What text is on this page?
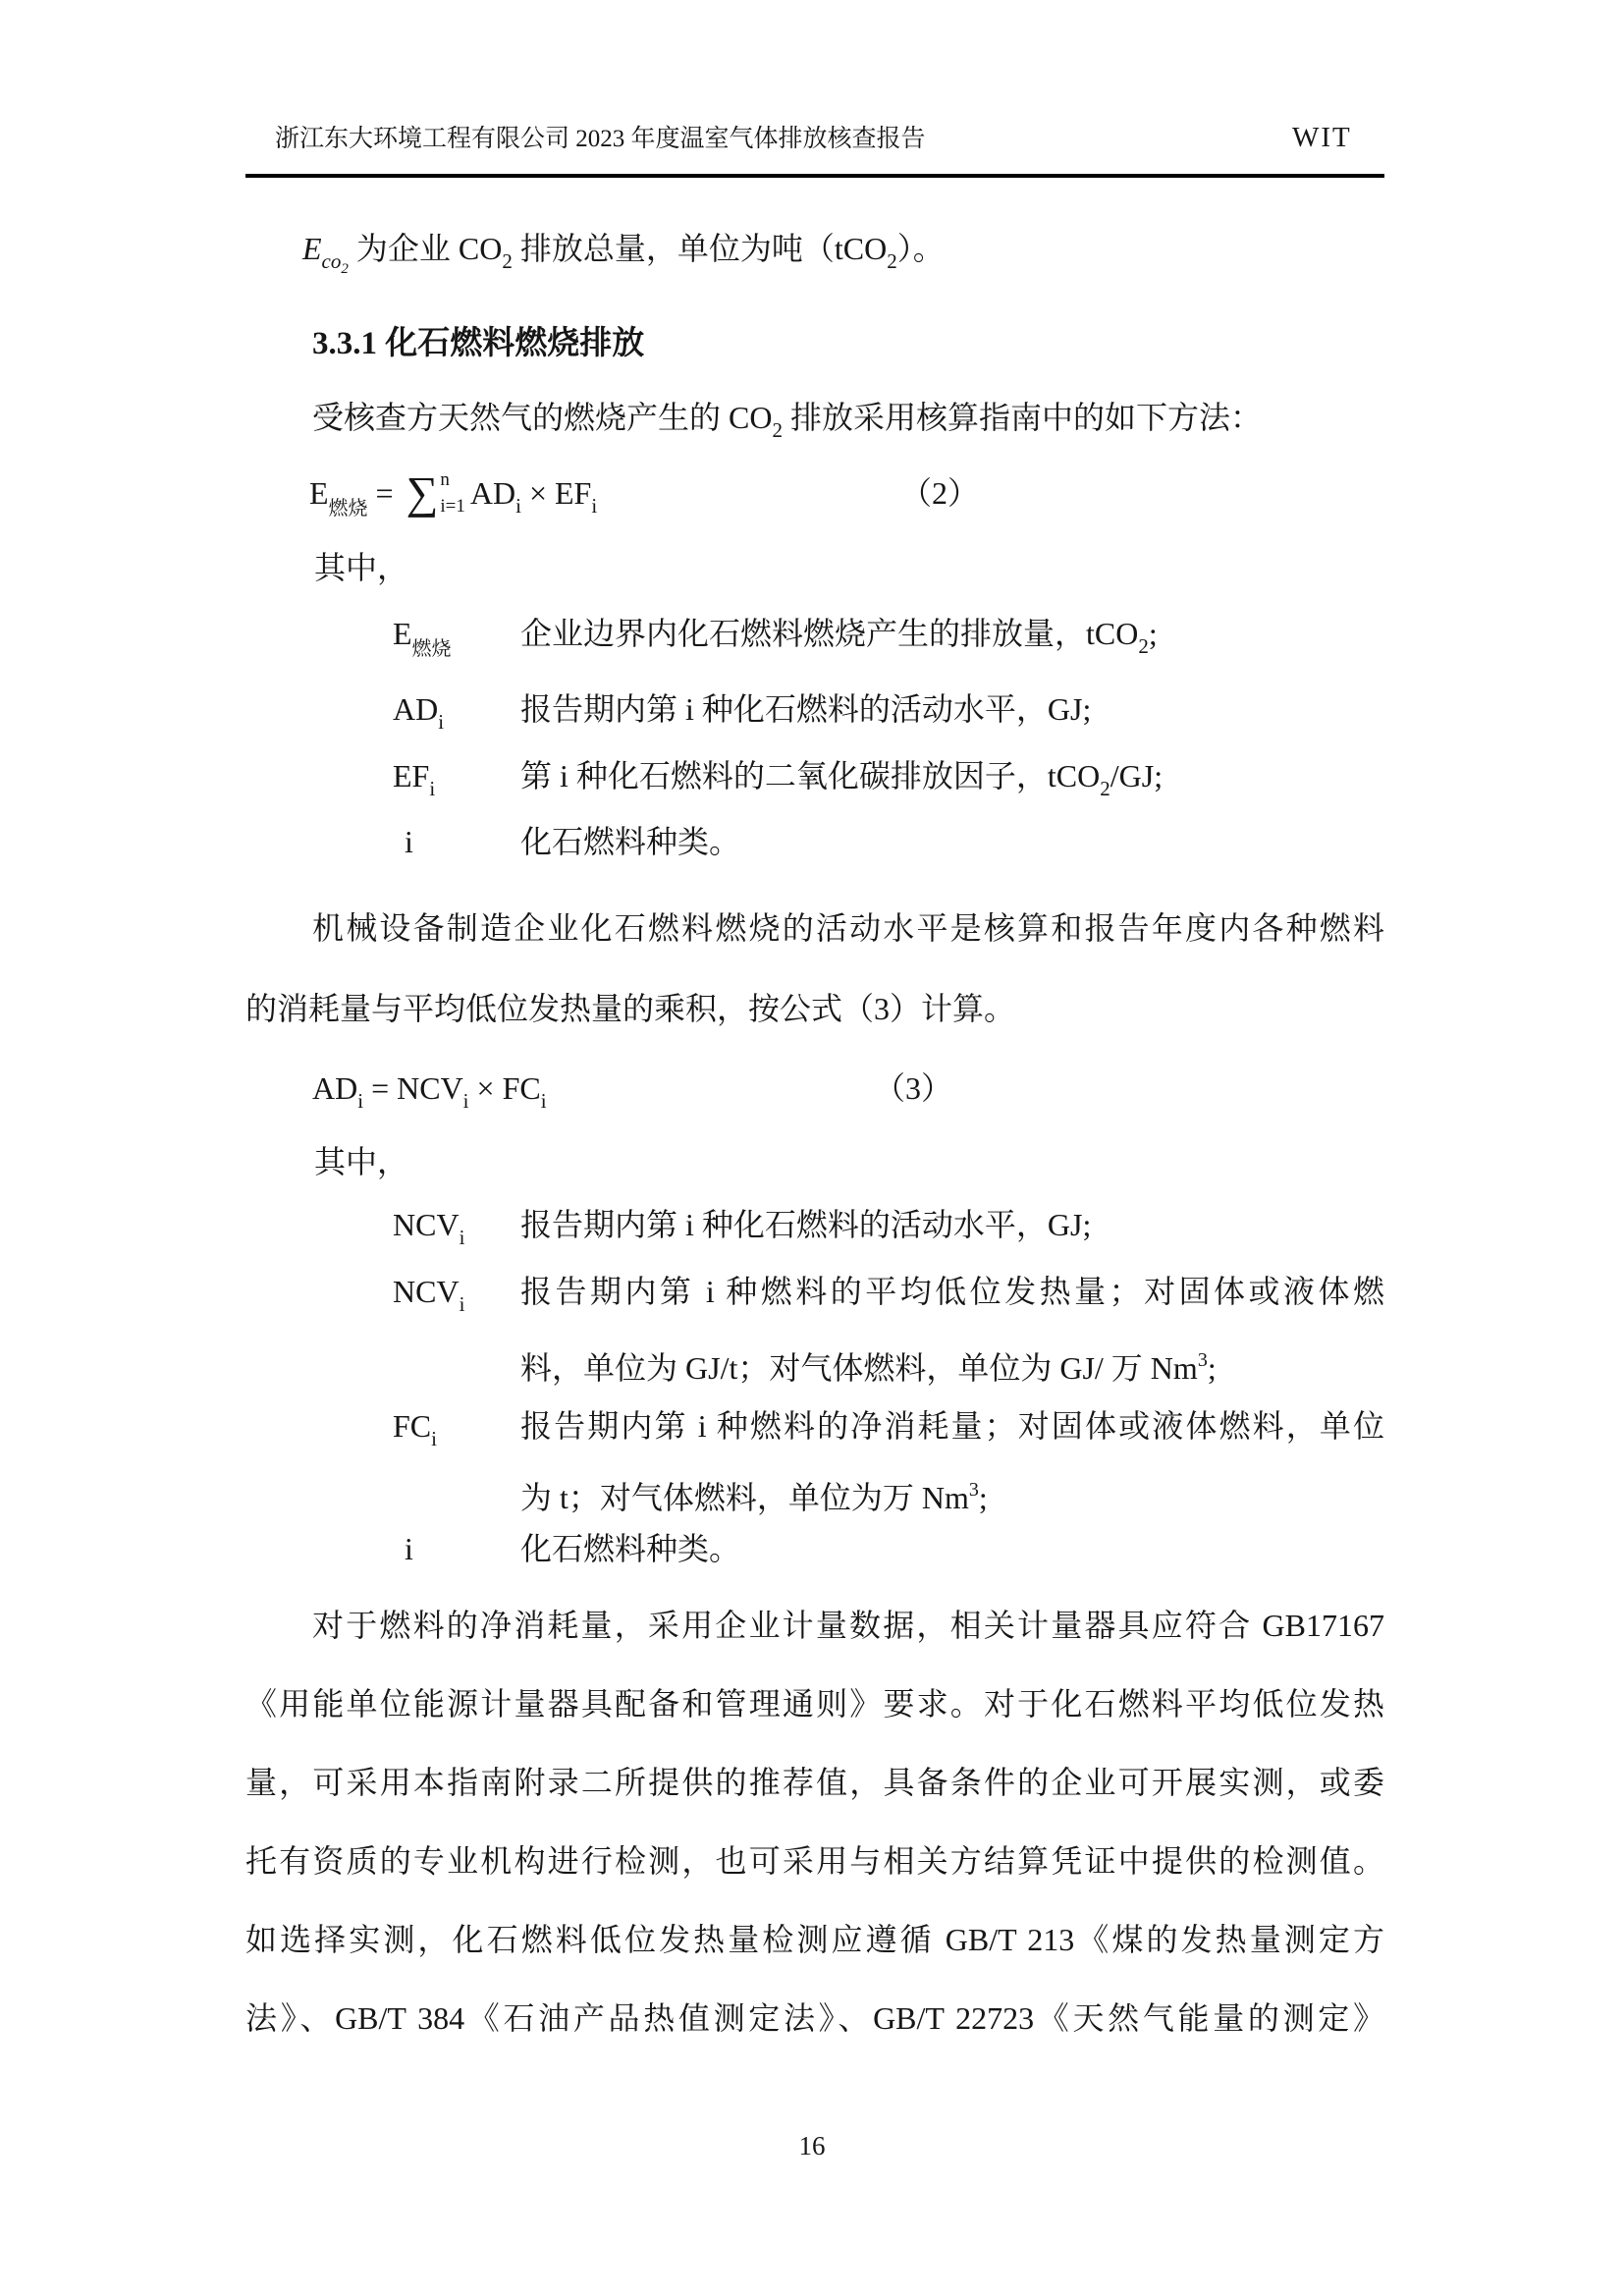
浙江东大环境工程有限公司 2023 年度温室气体排放核查报告	WIT
$E_{co_2}$ 为企业 $CO_2$ 排放总量，单位为吨（tCO$_2$）。
3.3.1 化石燃料燃烧排放
受核查方天然气的燃烧产生的 $CO_2$ 排放采用核算指南中的如下方法：
$E_{燃烧}$ = ∑ n
i=1 $AD_i \times EF_i$	（2）
其中，
$E_{燃烧}$ 企业边界内化石燃料燃烧产生的排放量，tCO$_2$;
$AD_i$ 报告期内第 i 种化石燃料的活动水平，GJ;
$EF_i$	第 i 种化石燃料的二氧化碳排放因子，tCO$_2$/GJ;
i	化石燃料种类。
机械设备制造企业化石燃料燃烧的活动水平是核算和报告年度内各种燃料
的消耗量与平均低位发热量的乘积，按公式（3）计算。
$AD_i = NCV_i \times FC_i$	（3）
其中，
$NCV_i$ 报告期内第 i 种化石燃料的活动水平，GJ;
$NCV_i$ 报告期内第 i 种燃料的平均低位发热量；对固体或液体燃
料，单位为 GJ/t；对气体燃料，单位为 GJ/ 万 Nm$^3$;
$FC_i$	报告期内第 i 种燃料的净消耗量；对固体或液体燃料，单位
为 t；对气体燃料，单位为万 Nm$^3$;
i	化石燃料种类。
对于燃料的净消耗量，采用企业计量数据，相关计量器具应符合 GB17167
《用能单位能源计量器具配备和管理通则》要求。对于化石燃料平均低位发热
量，可采用本指南附录二所提供的推荐值，具备条件的企业可开展实测，或委
托有资质的专业机构进行检测，也可采用与相关方结算凭证中提供的检测值。
如选择实测，化石燃料低位发热量检测应遵循 GB/T 213《煤的发热量测定方
法》、GB/T 384《石油产品热值测定法》、GB/T 22723《天然气能量的测定》
16
